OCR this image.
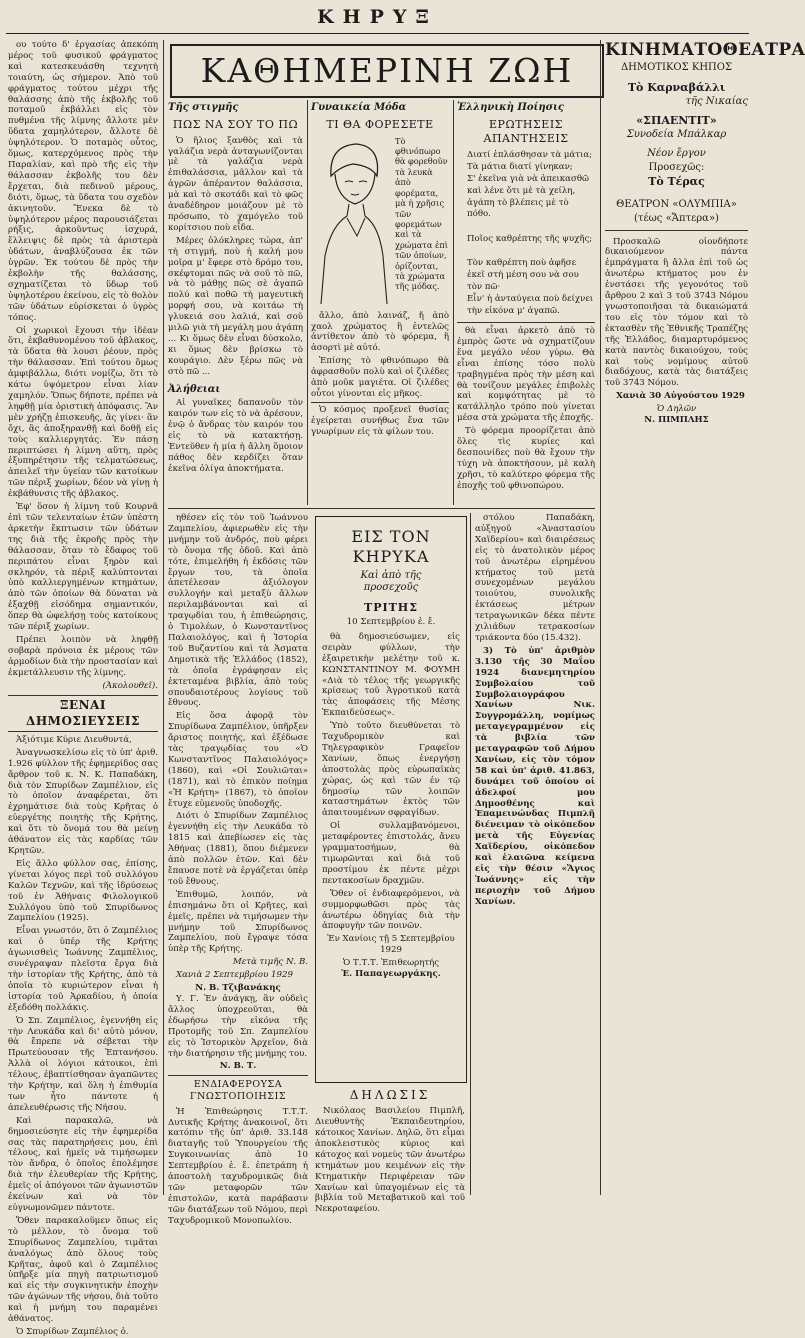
ΚΗΡΥΞ

ου τούτο δ' ἐργασίας ἀπεκόπη μέρος τοῦ φυσικοῦ φράγματος καὶ κατεσκευάσθη τεχνητὴ τοιαύτη, ὡς σήμερον. Ἀπὸ τοῦ φράγματος τούτου μέχρι τῆς θαλάσσης ἀπὸ τῆς ἐκβολῆς τοῦ ποταμοῦ ἐκβάλλει εἰς τὸν πυθμένα τῆς λίμνης ἄλλοτε μὲν ὕδατα χαμηλότερον, ἄλλοτε δὲ ὑψηλότερον. Ὁ ποταμὸς οὗτος, ὅμως, κατερχόμενος πρὸς τὴν Παραλίαν, καὶ πρὸ τῆς εἰς τὴν θάλασσαν ἐκβολῆς του δὲν ἔρχεται, διὰ πεδινοῦ μέρους, διότι, ὅμως, τὰ ὕδατα του σχεδὸν ἀκινητοῦν. Ἕνεκα δὲ τὸ ὑψηλότερον μέρος παρουσιάζεται ρήξις, ἀρκοῦντως ἰσχυρά, ἔλλειψις δὲ πρὸς τὰ ἀριστερὰ ὑδάτων, ἀναβλύζουσα ἐκ τῶν ὑγρῶν. Ἐκ τούτου δὲ πρὸς τὴν ἐκβολὴν τῆς θαλάσσης, σχηματίζεται τὸ ὕδωρ τοῦ ὑψηλοτέρου ἐκείνου, εἰς τὸ θολὸν τῶν ὑδάτων εὐρίσκεται ὁ ὑγρὸς τόπος.

Οἱ χωρικοὶ ἔχουσι τὴν ἰδέαν ὅτι, ἐκβαθυνομένου τοῦ ἀβλακος, τὰ ὕδατα θὰ λουσι ῥέουν, πρὸς τὴν θάλασσαν. Ἐπὶ τούτου ὅμως ἀμφιβάλλω, διότι νομίζω, ὅτι τὸ κάτω ὑψόμετρον εἶναι λίαν χαμηλόν. Ὅπως δήποτε, πρέπει νὰ ληφθῇ μία ὁριστικὴ ἀπόφασις. Ἂν μὲν χρήζῃ ἐπισκευῆς, ἂς γίνει· ἂν ὄχι, ἂς ἀποξηρανθῇ καὶ δοθῇ εἰς τοὺς καλλιεργητάς. Ἐν πάσῃ περιπτώσει ἡ λίμνη αὕτη, πρὸς ἐξυπηρέτησιν τῆς τελματώσεως, ἀπειλεῖ τὴν ὑγείαν τῶν κατοίκων τῶν πέριξ χωρίων, δέον νὰ γίνῃ ἡ ἐκβάθυνσις τῆς ἀβλακος.

Ἐφ' ὅσον ἡ λίμνη τοῦ Κουρνᾶ ἐπὶ τῶν τελευταίων ἐτῶν ὑπέστη ἀρκετὴν ἔκπτωσιν τῶν ὑδάτων της διὰ τῆς ἐκροῆς πρὸς τὴν θάλασσαν, ὅταν τὸ ἔδαφος τοῦ περιπάτου εἶναι ξηρὸν καὶ σκληρόν, τὰ πέριξ καλύπτονται ὑπὸ καλλιεργημένων κτημάτων, ἀπὸ τῶν ὁποίων θὰ δύναται νὰ ἐξαχθῇ εἰσόδημα σημαντικόν, ὅπερ θὰ ὠφελήσῃ τοὺς κατοίκους τῶν πέριξ χωρίων.

Πρέπει λοιπὸν νὰ ληφθῇ σοβαρὰ πρόνοια ἐκ μέρους τῶν ἁρμοδίων διὰ τὴν προστασίαν καὶ ἐκμετάλλευσιν τῆς λίμνης.

(Ἀκολουθεῖ).

ΞΕΝΑΙ ΔΗΜΟΣΙΕΥΣΕΙΣ

Ἀξιότιμε Κύριε Διευθυντά,

Ἀναγνωσκελίσω εἰς τὸ ὑπ' ἀριθ. 1.926 φύλλον τῆς ἐφημερίδος σας ἄρθρον τοῦ κ. Ν. Κ. Παπαδάκη, διὰ τὸν Σπυρίδων Ζαμπέλιον, εἰς τὸ ὁποῖον ἀναφέρεται, ὅτι ἐχρημάτισε διὰ τοὺς Κρῆτας ὁ εὐεργέτης ποιητὴς τῆς Κρήτης, καὶ ὅτι τὸ ὄνομά του θὰ μείνῃ ἀθάνατον εἰς τὰς καρδίας τῶν Κρητῶν.

Εἰς ἄλλο φύλλον σας, ἐπίσης, γίνεται λόγος περὶ τοῦ συλλόγου Καλῶν Τεχνῶν, καὶ τῆς ἱδρύσεως τοῦ ἐν Ἀθήναις Φιλολογικοῦ Συλλόγου ὑπὸ τοῦ Σπυρίδωνος Ζαμπελίου (1925).

Εἶναι γνωστόν, ὅτι ὁ Ζαμπέλιος καὶ ὁ ὑπέρ τῆς Κρήτης ἀγωνισθεὶς Ἰωάννης Ζαμπέλιος, συνέγραψαν πλεῖστα ἔργα διὰ τὴν ἱστορίαν τῆς Κρήτης, ἀπὸ τὰ ὁποῖα τὸ κυριώτερον εἶναι ἡ ἱστορία τοῦ Ἀρκαδίου, ἡ ὁποία ἐξεδόθη πολλάκις.

Ὁ Σπ. Ζαμπέλιος, ἐγεννήθη εἰς τὴν Λευκάδα καὶ δι' αὐτὸ μόνον, θὰ ἔπρεπε νὰ σέβεται τὴν Πρωτεύουσαν τῆς Ἑπτανήσου. Ἀλλὰ οἱ λόγιοι κάτοικοι, ἐπὶ τέλους, ἐβαπτίσθησαν ἀγαπῶντες τὴν Κρήτην, καὶ ὅλη ἡ ἐπιθυμία των ἦτο πάντοτε ἡ ἀπελευθέρωσις τῆς Νήσου.

Καὶ παρακαλῶ, νὰ δημοσιεύσητε εἰς τὴν ἐφημερίδα σας τὰς παρατηρήσεις μου, ἐπὶ τέλους, καὶ ἡμεῖς νὰ τιμήσωμεν τὸν ἄνδρα, ὁ ὁποῖος ἐπολέμησε διὰ τὴν ἐλευθερίαν τῆς Κρήτης, ἐμεῖς οἱ ἀπόγονοι τῶν ἀγωνιστῶν ἐκείνων καὶ νὰ τὸν εὐγνωμονῶμεν πάντοτε.

Ὅθεν παρακαλοῦμεν ὅπως εἰς τὸ μέλλον, τὸ ὄνομα τοῦ Σπυρίδωνος Ζαμπελίου, τιμᾶται ἀναλόγως ἀπὸ ὅλους τοὺς Κρῆτας, ἀφοῦ καὶ ὁ Ζαμπέλιος ὑπῆρξε μία πηγὴ πατριωτισμοῦ καὶ εἰς τὴν συγκινητικὴν ἐποχὴν τῶν ἀγώνων τῆς νήσου, διὰ τοῦτο καὶ ἡ μνήμη του παραμένει ἀθάνατος.

Ὁ Σπυρίδων Ζαμπέλιος ὁ.

ΚΑΘΗΜΕΡΙΝΗ ΖΩΗ
Τῆς στιγμῆς
ΠΩΣ ΝΑ ΣΟΥ ΤΟ ΠΩ

Ὁ ἥλιος ξανθὸς καὶ τὰ γαλάζια νερὰ ἀνταγωνίζονται μὲ τὰ γαλάζια νερὰ ἐπιθαλάσσια, μᾶλλον καὶ τὰ ἀγρῶν ἀπέραντον θαλάσσια, μὰ καὶ τὸ σκοτάδι καὶ τὸ φῶς ἀναδέδηρον μοιάζουν μὲ τὸ πρόσωπο, τὸ χαμόγελο τοῦ κορίτσιου ποὺ εἶδα.

Μέρες ὁλόκληρες τώρα, ἀπ' τὴ στιγμή, ποὺ ἡ καλή μου μοῖρα μ' ἔφερε στὸ δρόμο του, σκέφτομαι πῶς νὰ σοῦ τὸ πῶ, νὰ τὸ μάθῃς πῶς σὲ ἀγαπῶ πολύ καὶ ποθῶ τὴ μαγευτικὴ μορφή σου, νὰ κοιτάω τὴ γλυκειά σου λαλιά, καὶ σοῦ μιλῶ γιὰ τὴ μεγάλη μου ἀγάπη ... Κι ὅμως δὲν εἶναι δύσκολο, κι ὅμως δὲν βρίσκω τὸ κουράγιο. Δὲν ξέρω πῶς νὰ στὸ πῶ ...

Ἀλήθειαι

Αἱ γυναῖκες δαπανοῦν τὸν καιρόν των εἰς τὸ νὰ ἀρέσουν, ἐνῷ ὁ ἄνδρας τὸν καιρόν του εἰς τὸ νὰ κατακτήσῃ. Ἐντεῦθεν ἡ μία ἡ ἄλλη ὅμοιον πάθος δὲν κερδίζει ὅταν ἐκεῖνα ὀλίγα ἀποκτήματα.

Γυναικεία Μόδα
ΤΙ ΘΑ ΦΟΡΕΣΕΤΕ
Τὸ φθινόπωρο θὰ φορεθοῦν τὰ λευκὰ ἀπὸ φορέματα, μὰ ἡ χρῆσις τῶν φορεμάτων καὶ τὰ χρώματα ἐπὶ τῶν ὁποίων, ὁρίζονται, τὰ χρώματα τῆς μόδας.

ἄλλο, ἀπὸ λαινάζ, ἤ ἀπὸ χαολ χρώματος ἢ ἐντελῶς ἀντίθετον ἀπὸ τὸ φόρεμα, ἢ ἀσορτὶ μὲ αὐτό.

Ἐπίσης τὸ φθινόπωρο θὰ ἀφρασθοῦν πολὺ καὶ οἱ ζιλέδες ἀπὸ μοῦκ μαγιέτα. Οἱ ζιλέδες οὗτοι γίνονται εἰς μῆκος.

Ὁ κόσμος προξενεῖ θυσίας ἐγείρεται συνήθως ἕνα τῶν γνωρίμων εἰς τὰ φίλων του.

Ἑλληνικὴ Ποίησις
ΕΡΩΤΗΣΕΙΣ ΑΠΑΝΤΗΣΕΙΣ
Διατί ἐπλάσθησαν τὰ μάτια;
Τὰ μάτια διατί γίνηκαν;
Σ' ἐκεῖνα γιὰ νὰ ἀπεικασθῶ
καὶ λένε ὅτι μὲ τὰ χείλη,
ἀγάπη τὸ βλέπεις μὲ τὸ πόθο.

Ποῖος καθρέπτης τῆς ψυχῆς;

Τὸν καθρέπτη ποὺ ἀφῆσε
ἐκεῖ στὴ μέση σου νὰ σου τὸν πῶ·
Εἶν' ἡ ἀνταύγεια ποὺ δείχνει
τὴν εἰκόνα μ' ἀγαπῶ.

θὰ εἶναι ἀρκετὸ ἀπὸ τὸ ἐμπρὸς ὥστε νὰ σχηματίζουν ἕνα μεγάλο νέον γύρω. Θὰ εἶναι ἐπίσης τόσο πολὺ τραβηγμένα πρὸς τὴν μέση καὶ θὰ τονίζουν μεγάλες ἐπιβολὲς καὶ κομψότητας μὲ τὸ κατάλληλο τρόπο ποὺ γίνεται μέσα στὰ χρώματα τῆς ἐποχῆς.

Τὸ φόρεμα προορίζεται ἀπὸ ὅλες τὶς κυρίες καὶ δεσποινίδες ποὺ θὰ ἔχουν τὴν τύχη νὰ ἀποκτήσουν, μὲ καλὴ χρῆσι, τὸ καλύτερο φόρεμα τῆς ἐποχῆς τοῦ φθινοπώρου.

ηθέσεν εἰς τὸν τοῦ Ἰωάννου Ζαμπελίου, ἀφιερωθὲν εἰς τὴν μνήμην τοῦ ἀνδρός, ποὺ φέρει τὸ ὄνομα τῆς ὁδοῦ. Καὶ ἀπὸ τότε, ἐπιμελήθη ἡ ἐκδόσις τῶν ἔργων του, τὰ ὁποῖα ἀπετέλεσαν ἀξιόλογον συλλογήν καὶ μεταξὺ ἄλλων περιλαμβάνονται καὶ αἱ τραγῳδίαι του, ἡ ἐπιθεώρησις, ὁ Τιμολέων, ὁ Κωνσταντῖνος Παλαιολόγος, καὶ ἡ Ἱστορία τοῦ Βυζαντίου καὶ τὰ Ἀσματα Δημοτικὰ τῆς Ἑλλάδος (1852), τὰ ὁποῖα ἐγράφησαν εἰς ἐκτεταμένα βιβλία, ἀπὸ τοὺς σπουδαιοτέρους λογίους τοῦ ἔθνους.

Εἰς ὅσα ἀφορᾷ τὸν Σπυρίδωνα Ζαμπέλιον, ὑπῆρξεν ἄριστος ποιητής, καὶ ἐξέδωσε τὰς τραγῳδίας του «Ὁ Κωνσταντῖνος Παλαιολόγος» (1860), καὶ «Οἱ Σουλιῶται» (1871), καὶ τὸ ἐπικὸν ποίημα «Ἡ Κρήτη» (1867), τὸ ὁποῖον ἔτυχε εὐμενοῦς ὑποδοχῆς.

Διότι ὁ Σπυρίδων Ζαμπέλιος ἐγεννήθη εἰς τὴν Λευκάδα τὸ 1815 καὶ ἀπεβίωσεν εἰς τὰς Ἀθήνας (1881), ὅπου διέμενεν ἀπὸ πολλῶν ἐτῶν. Καὶ δὲν ἔπαυσε ποτὲ νὰ ἐργάζεται ὑπὲρ τοῦ ἔθνους.

Ἐπιθυμῶ, λοιπόν, νὰ ἐπισημάνω ὅτι οἱ Κρῆτες, καὶ ἐμεῖς, πρέπει νὰ τιμήσωμεν τὴν μνήμην τοῦ Σπυρίδωνος Ζαμπελίου, ποὺ ἔγραψε τόσα ὑπὲρ τῆς Κρήτης.

Μετὰ τιμῆς Ν. Β.

Χανιὰ 2 Σεπτεμβρίου 1929

Ν. Β. Τζιβανάκης

Υ. Γ. Ἐν ἀνάγκῃ, ἂν οὐδεὶς ἄλλος ὑποχρεοῦται, θὰ ἐδωρήσω τὴν εἰκόνα τῆς Προτομῆς τοῦ Σπ. Ζαμπελίου εἰς τὸ Ἱστορικὸν Ἀρχεῖον, διὰ τὴν διατήρησιν τῆς μνήμης του.

Ν. Β. Τ.
ΕΝΔΙΑΦΕΡΟΥΣΑ ΓΝΩΣΤΟΠΟΙΗΣΙΣ

Ἡ Ἐπιθεώρησις Τ.Τ.Τ. Δυτικῆς Κρήτης ἀνακοινοῖ, ὅτι κατόπιν τῆς ὑπ' ἀριθ. 33.148 διαταγῆς τοῦ Ὑπουργείου τῆς Συγκοινωνίας ἀπὸ 10 Σεπτεμβρίου ἐ. ἔ. ἐπετράπη ἡ ἀποστολὴ ταχυδρομικῶς διὰ τῶν μεταφορῶν τῶν ἐπιστολῶν, κατὰ παράβασιν τῶν διατάξεων τοῦ Νόμου, περὶ Ταχυδρομικοῦ Μονοπωλίου.

ΕΙΣ ΤΟΝ ΚΗΡΥΚΑ
Καὶ ἀπὸ τῆς
προσεχοῦς
ΤΡΙΤΗΣ
10 Σεπτεμβρίου ἐ. ἔ.

θὰ δημοσιεύσωμεν, εἰς σειρὰν φύλλων, τὴν ἐξαιρετικὴν μελέτην τοῦ κ. ΚΩΝΣΤΑΝΤΙΝΟΥ Μ. ΦΟΥΜΗ «Διὰ τὸ τέλος τῆς γεωργικῆς κρίσεως τοῦ Ἀγροτικοῦ κατὰ τὰς ἀποφάσεις τῆς Μέσης Ἐκπαιδεύσεως».

Ὑπὸ τοῦτο διευθύνεται τὸ Ταχυδρομικὸν καὶ Τηλεγραφικὸν Γραφεῖον Χανίων, ὅπως ἐνεργήσῃ ἀποστολὰς πρὸς εὐρωπαϊκὰς χώρας, ὡς καὶ τῶν ἐν τῷ δημοσίῳ τῶν λοιπῶν καταστημάτων ἐκτὸς τῶν ἀπαιτουμένων σφραγίδων.

Οἱ συλλαμβανόμενοι, μεταφέροντες ἐπιστολάς, ἄνευ γραμματοσήμων, θὰ τιμωρῶνται καὶ διὰ τοῦ προστίμου ἐκ πέντε μέχρι πεντακοσίων δραχμῶν.

Ὅθεν οἱ ἐνδιαφερόμενοι, νὰ συμμορφωθῶσι πρὸς τὰς ἀνωτέρω ὁδηγίας διὰ τὴν ἀποφυγὴν τῶν ποινῶν.

Ἐν Χανίοις τῇ 5 Σεπτεμβρίου 1929

Ὁ Τ.Τ.Τ. Ἐπιθεωρητής
Ἐ. Παπαγεωργάκης.
ΔΗΛΩΣΙΣ

Νικόλαος Βασιλείου Πιμπλῆ, Διευθυντὴς Ἐκπαιδευτηρίου, κάτοικος Χανίων. Δηλῶ, ὅτι εἶμαι ἀποκλειστικὸς κύριος καὶ κάτοχος καὶ νομεὺς τῶν ἀνωτέρω κτημάτων μου κειμένων εἰς τὴν Κτηματικὴν Περιφέρειαν τῶν Χανίων καὶ ὑπαγομένων εἰς τὰ βιβλία τοῦ Μεταβατικοῦ καὶ τοῦ Νεκροταφείου.

στόλου Παπαδάκη, αὐξηγοῦ «Ἀναστασίου Χαϊδερίου» καὶ διαιρέσεως εἰς τὸ ἀνατολικὸν μέρος τοῦ ἀνωτέρω εἰρημένου κτήματος τοῦ μετὰ συνεχομένων μεγάλου τοιούτου, συνολικῆς ἐκτάσεως μέτρων τετραγωνικῶν δέκα πέντε χιλιάδων τετρακοσίων τριάκοντα δύο (15.432).

3) Τὸ ὑπ' ἀριθμὸν 3.130 τῆς 30 Μαΐου 1924 διανεμητηρίου Συμβολαίου τοῦ Συμβολαιογράφου Χανίων Νικ. Συγγρομάλλη, νομίμως μεταγεγραμμένον εἰς τὰ βιβλία τῶν μεταγραφῶν τοῦ Δήμου Χανίων, εἰς τὸν τόμον 58 καὶ ὑπ' ἀριθ. 41.863, δυνάμει τοῦ ὁποίου οἱ ἀδελφοί μου Δημοσθένης καὶ Ἐπαμεινώνδας Πιμπλῆ διένειμαν τὸ οἰκόπεδον μετὰ τῆς Εὐγενίας Χαϊδερίου, οἰκόπεδον καὶ ἐλαιῶνα κείμενα εἰς τὴν θέσιν «Ἅγιος Ἰωάννης» εἰς τὴν περιοχὴν τοῦ Δήμου Χανίων.

ΚΙΝΗΜΑΤΟΘΕΑΤΡΑ
ΔΗΜΟΤΙΚΟΣ ΚΗΠΟΣ
Τὸ Καρναβάλλι
τῆς Νικαίας
«ΣΠΑΕΝΤΙΤ»
Συνοδεία Μπάλκαρ
Νέον ἔργον
Προσεχῶς:
Τὸ Τέρας
ΘΕΑΤΡΟΝ «ΟΛΥΜΠΙΑ»
(τέως «Ἄπτερα»)

Προσκαλῶ οἱονδήποτε δικαιούμενον πάντα ἐμπράγματα ἢ ἄλλα ἐπὶ τοῦ ὡς ἀνωτέρω κτήματος μου ἐν ἐνστάσει τῆς γεγονότος τοῦ ἄρθρου 2 καὶ 3 τοῦ 3743 Νόμου γνωστοποιῆσαι τὰ δικαιώματά του εἰς τὸν τόμον καὶ τὸ ἐκτασθὲν τῆς Ἐθνικῆς Τραπέζης τῆς Ἑλλάδος, διαμαρτυρόμενος κατὰ παντὸς δικαιούχου, τοὺς καὶ τοὺς νομίμους αὐτοῦ διαδόχους, κατὰ τὰς διατάξεις τοῦ 3743 Νόμου.

Χανιὰ 30 Αὐγούστου 1929

Ὁ Δηλῶν
Ν. ΠΙΜΠΛΗΣ
